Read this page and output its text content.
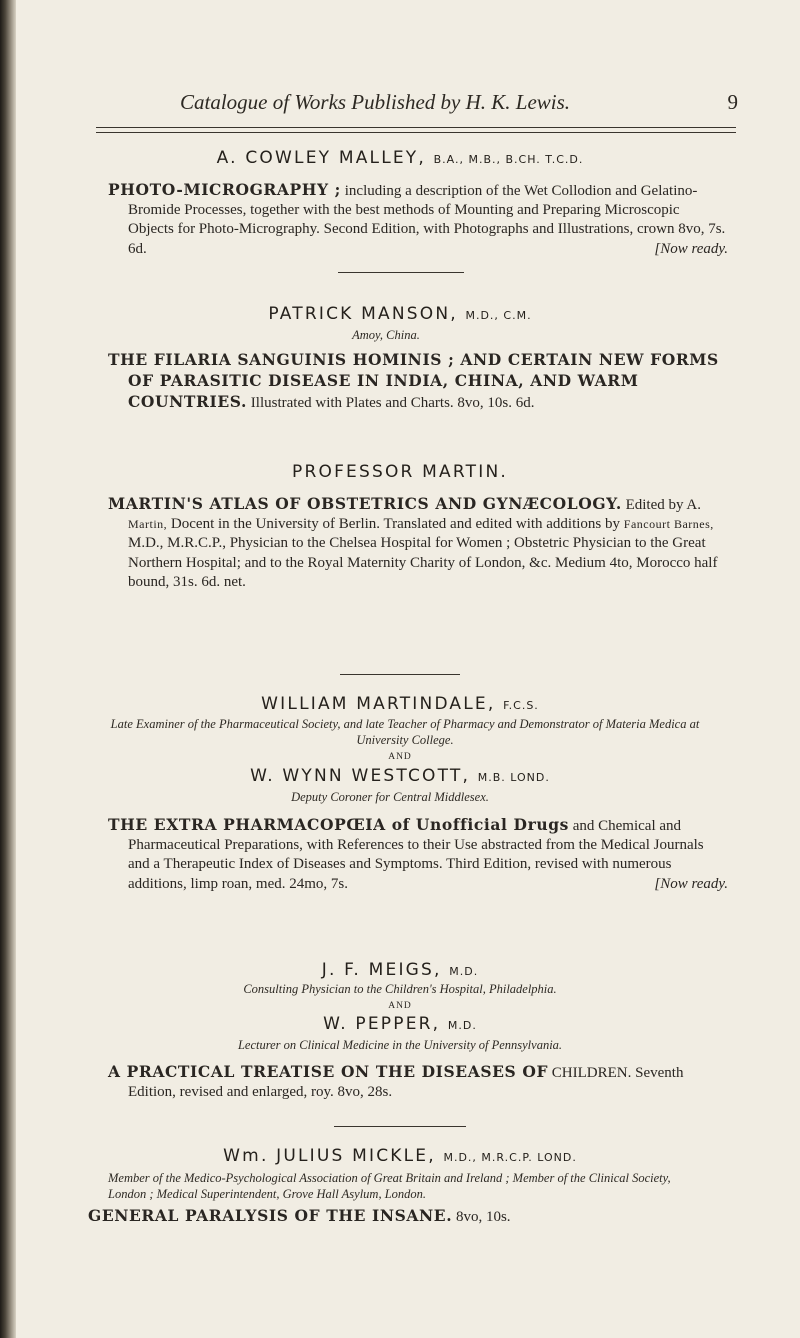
Catalogue of Works Published by H. K. Lewis.	9
A. COWLEY MALLEY, B.A., M.B., B.CH. T.C.D.
PHOTO-MICROGRAPHY ; including a description of the Wet Collodion and Gelatino-Bromide Processes, together with the best methods of Mounting and Preparing Microscopic Objects for Photo-Micrography. Second Edition, with Photographs and Illustrations, crown 8vo, 7s. 6d.	[Now ready.
PATRICK MANSON, M.D., C.M.
Amoy, China.
THE FILARIA SANGUINIS HOMINIS ; AND CERTAIN NEW FORMS OF PARASITIC DISEASE IN INDIA, CHINA, AND WARM COUNTRIES. Illustrated with Plates and Charts. 8vo, 10s. 6d.
PROFESSOR MARTIN.
MARTIN'S ATLAS OF OBSTETRICS AND GYNÆCOLOGY. Edited by A. Martin, Docent in the University of Berlin. Translated and edited with additions by Fancourt Barnes, M.D., M.R.C.P., Physician to the Chelsea Hospital for Women ; Obstetric Physician to the Great Northern Hospital; and to the Royal Maternity Charity of London, &c. Medium 4to, Morocco half bound, 31s. 6d. net.
WILLIAM MARTINDALE, F.C.S.
Late Examiner of the Pharmaceutical Society, and late Teacher of Pharmacy and Demonstrator of Materia Medica at University College.
AND
W. WYNN WESTCOTT, M.B. LOND.
Deputy Coroner for Central Middlesex.
THE EXTRA PHARMACOPŒIA of Unofficial Drugs and Chemical and Pharmaceutical Preparations, with References to their Use abstracted from the Medical Journals and a Therapeutic Index of Diseases and Symptoms. Third Edition, revised with numerous additions, limp roan, med. 24mo, 7s.	[Now ready.
J. F. MEIGS, M.D.
Consulting Physician to the Children's Hospital, Philadelphia.
AND
W. PEPPER, M.D.
Lecturer on Clinical Medicine in the University of Pennsylvania.
A PRACTICAL TREATISE ON THE DISEASES OF CHILDREN. Seventh Edition, revised and enlarged, roy. 8vo, 28s.
Wm. JULIUS MICKLE, M.D., M.R.C.P. LOND.
Member of the Medico-Psychological Association of Great Britain and Ireland ; Member of the Clinical Society, London ; Medical Superintendent, Grove Hall Asylum, London.
GENERAL PARALYSIS OF THE INSANE. 8vo, 10s.
